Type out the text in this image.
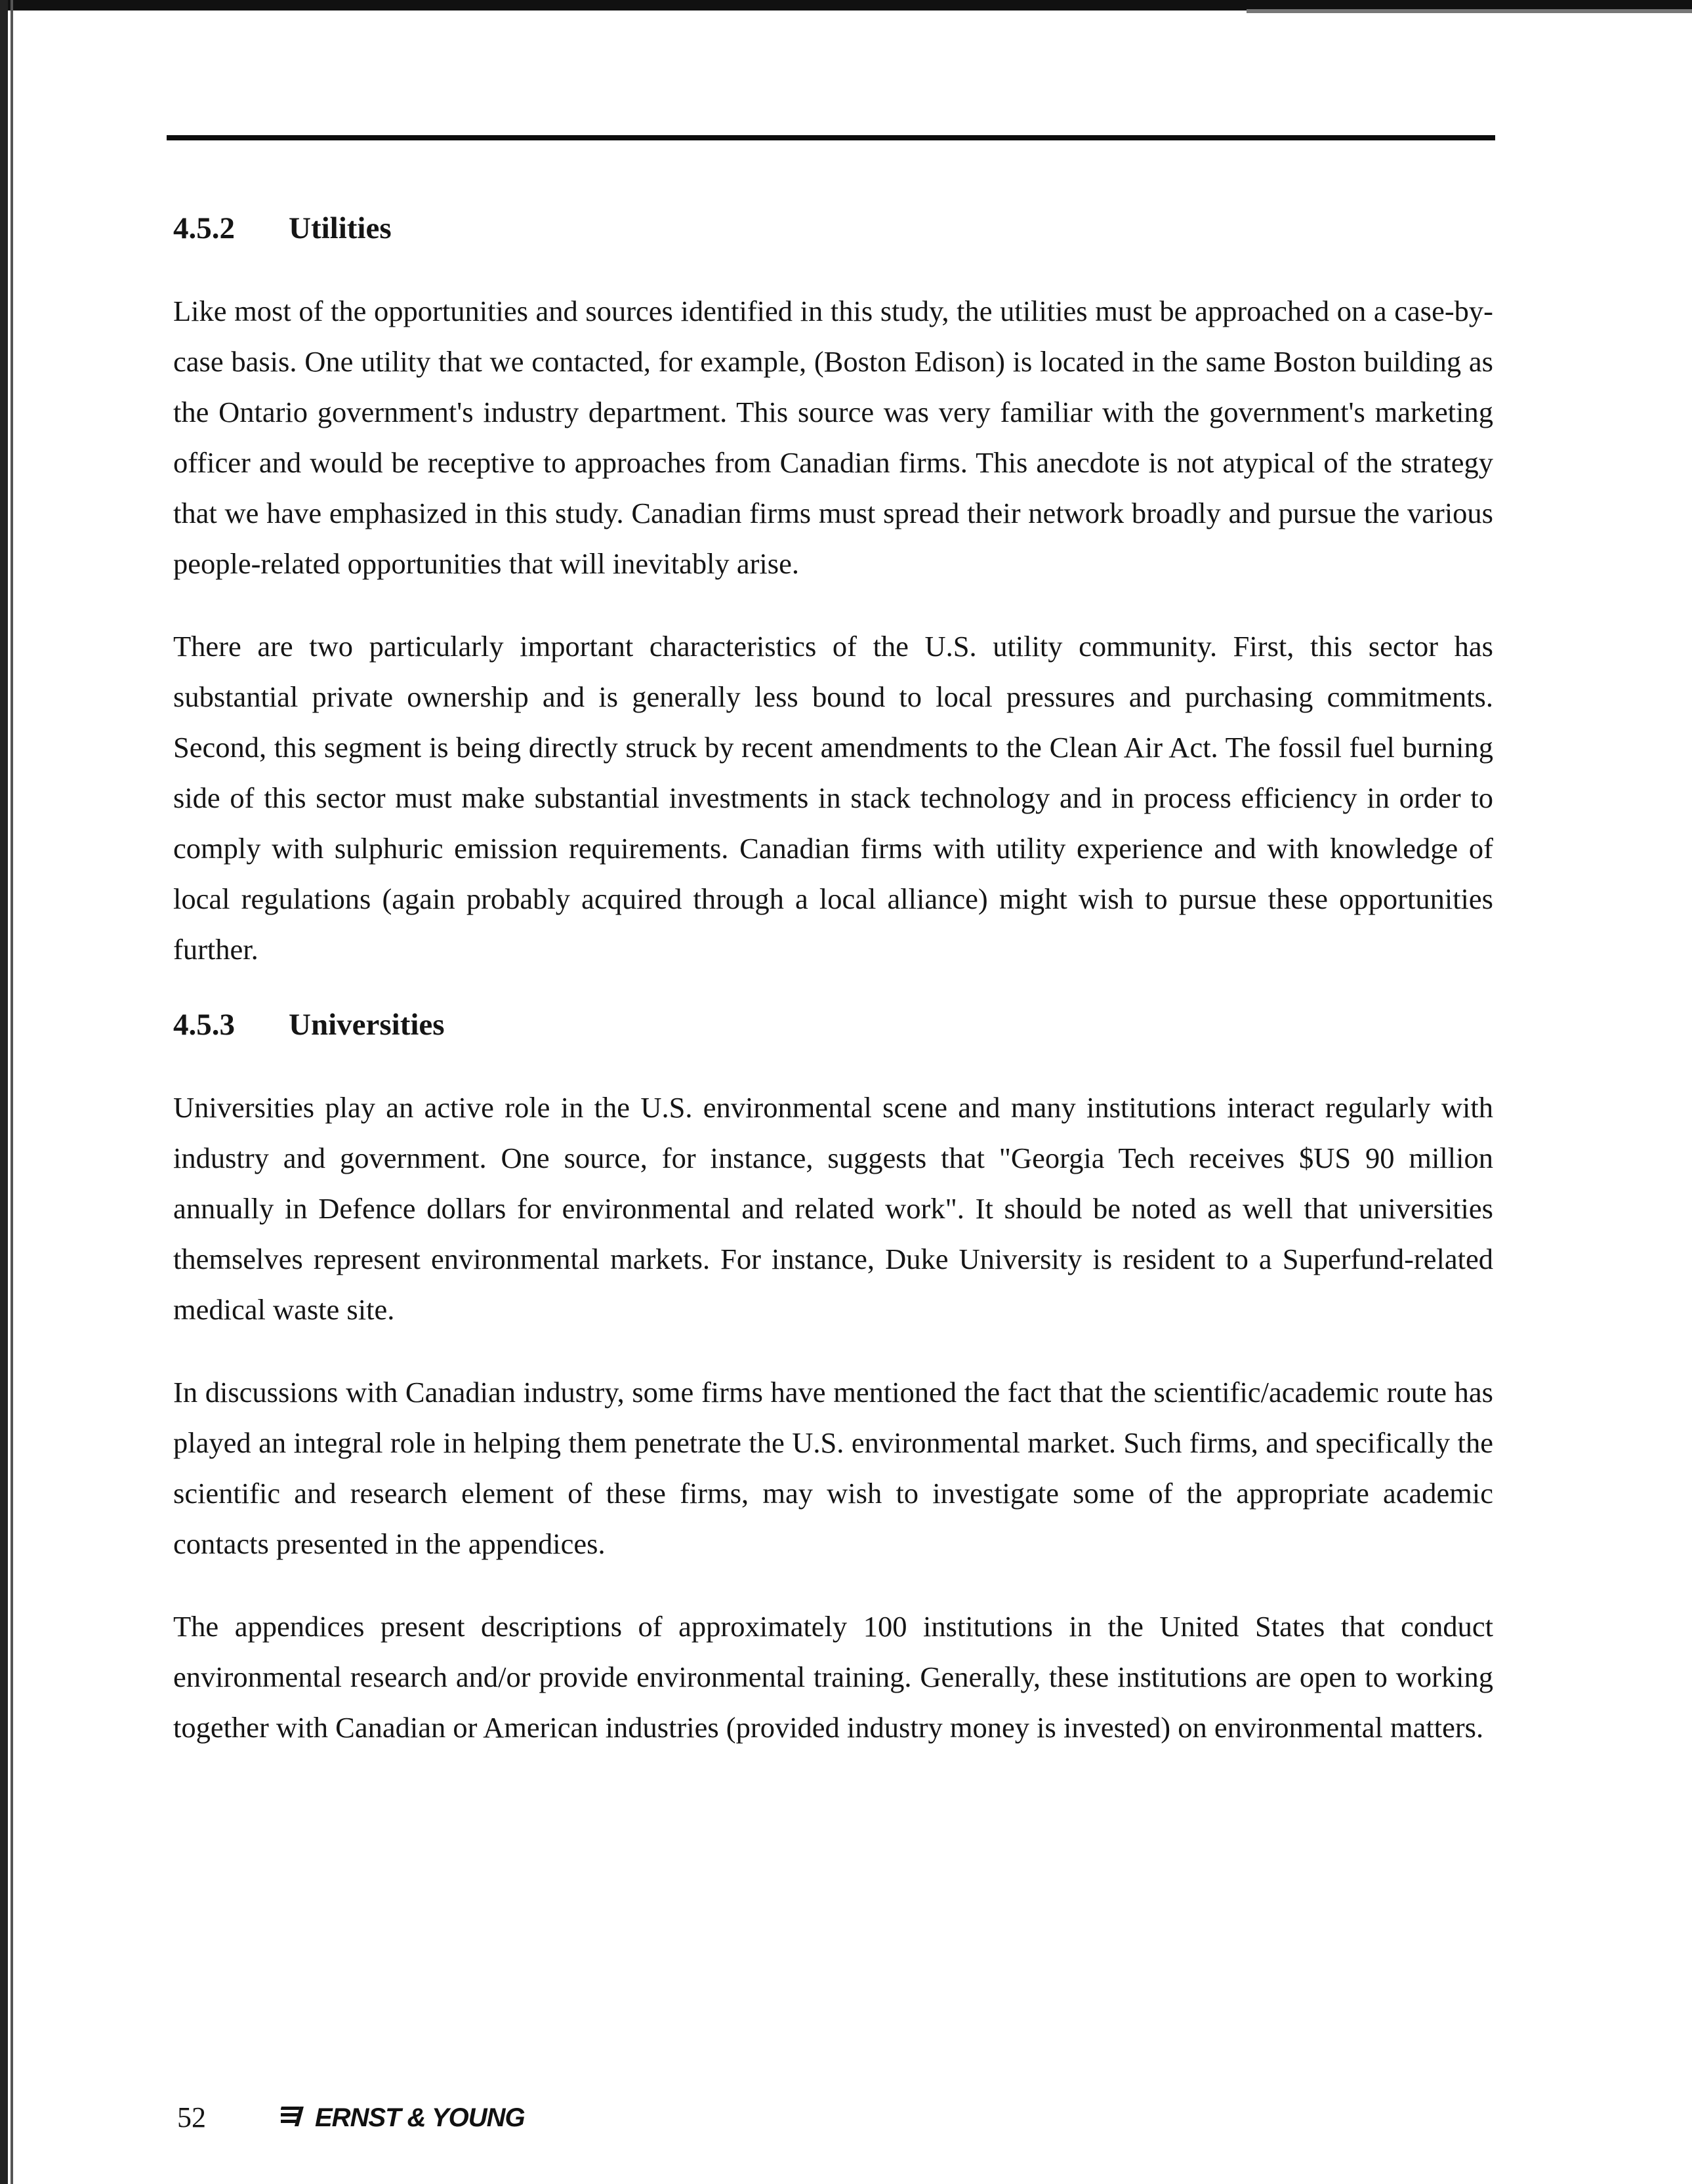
4.5.2 Utilities

Like most of the opportunities and sources identified in this study, the utilities must be approached on a case-by-case basis. One utility that we contacted, for example, (Boston Edison) is located in the same Boston building as the Ontario government's industry department. This source was very familiar with the government's marketing officer and would be receptive to approaches from Canadian firms. This anecdote is not atypical of the strategy that we have emphasized in this study. Canadian firms must spread their network broadly and pursue the various people-related opportunities that will inevitably arise.

There are two particularly important characteristics of the U.S. utility community. First, this sector has substantial private ownership and is generally less bound to local pressures and purchasing commitments. Second, this segment is being directly struck by recent amendments to the Clean Air Act. The fossil fuel burning side of this sector must make substantial investments in stack technology and in process efficiency in order to comply with sulphuric emission requirements. Canadian firms with utility experience and with knowledge of local regulations (again probably acquired through a local alliance) might wish to pursue these opportunities further.

4.5.3 Universities

Universities play an active role in the U.S. environmental scene and many institutions interact regularly with industry and government. One source, for instance, suggests that "Georgia Tech receives $US 90 million annually in Defence dollars for environmental and related work". It should be noted as well that universities themselves represent environmental markets. For instance, Duke University is resident to a Superfund-related medical waste site.

In discussions with Canadian industry, some firms have mentioned the fact that the scientific/academic route has played an integral role in helping them penetrate the U.S. environmental market. Such firms, and specifically the scientific and research element of these firms, may wish to investigate some of the appropriate academic contacts presented in the appendices.

The appendices present descriptions of approximately 100 institutions in the United States that conduct environmental research and/or provide environmental training. Generally, these institutions are open to working together with Canadian or American industries (provided industry money is invested) on environmental matters.

52	ERNST & YOUNG
